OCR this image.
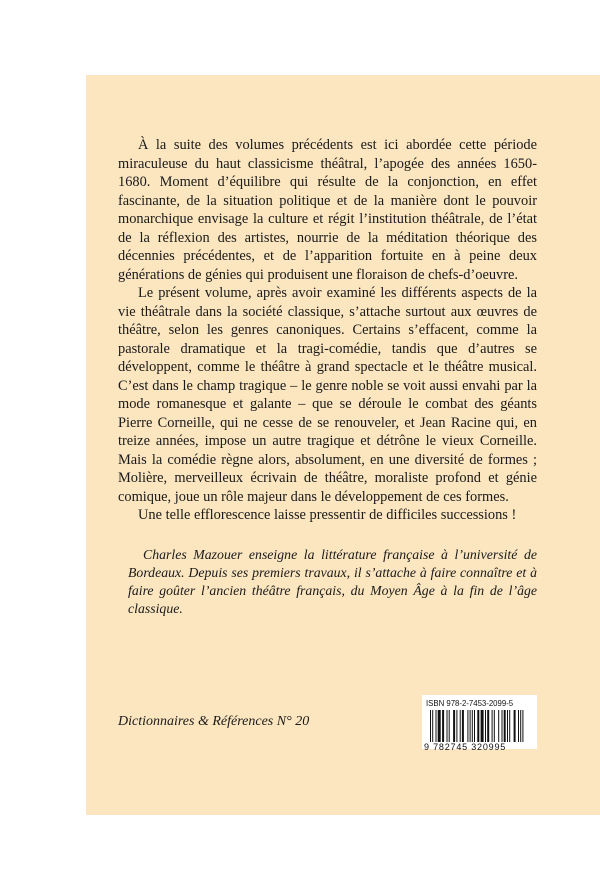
À la suite des volumes précédents est ici abordée cette période miraculeuse du haut classicisme théâtral, l’apogée des années 1650-1680. Moment d’équilibre qui résulte de la conjonction, en effet fascinante, de la situation politique et de la manière dont le pouvoir monarchique envisage la culture et régit l’institution théâtrale, de l’état de la réflexion des artistes, nourrie de la méditation théorique des décennies précédentes, et de l’apparition fortuite en à peine deux générations de génies qui produisent une floraison de chefs-d’oeuvre.

Le présent volume, après avoir examiné les différents aspects de la vie théâtrale dans la société classique, s’attache surtout aux œuvres de théâtre, selon les genres canoniques. Certains s’effacent, comme la pastorale dramatique et la tragi-comédie, tandis que d’autres se développent, comme le théâtre à grand spectacle et le théâtre musical. C’est dans le champ tragique – le genre noble se voit aussi envahi par la mode romanesque et galante – que se déroule le combat des géants Pierre Corneille, qui ne cesse de se renouveler, et Jean Racine qui, en treize années, impose un autre tragique et détrône le vieux Corneille. Mais la comédie règne alors, absolument, en une diversité de formes ; Molière, merveilleux écrivain de théâtre, moraliste profond et génie comique, joue un rôle majeur dans le développement de ces formes.

Une telle efflorescence laisse pressentir de difficiles successions !

Charles Mazouer enseigne la littérature française à l’université de Bordeaux. Depuis ses premiers travaux, il s’attache à faire connaître et à faire goûter l’ancien théâtre français, du Moyen Âge à la fin de l’âge classique.

Dictionnaires & Références N° 20
ISBN 978-2-7453-2099-5
9 782745 320995
